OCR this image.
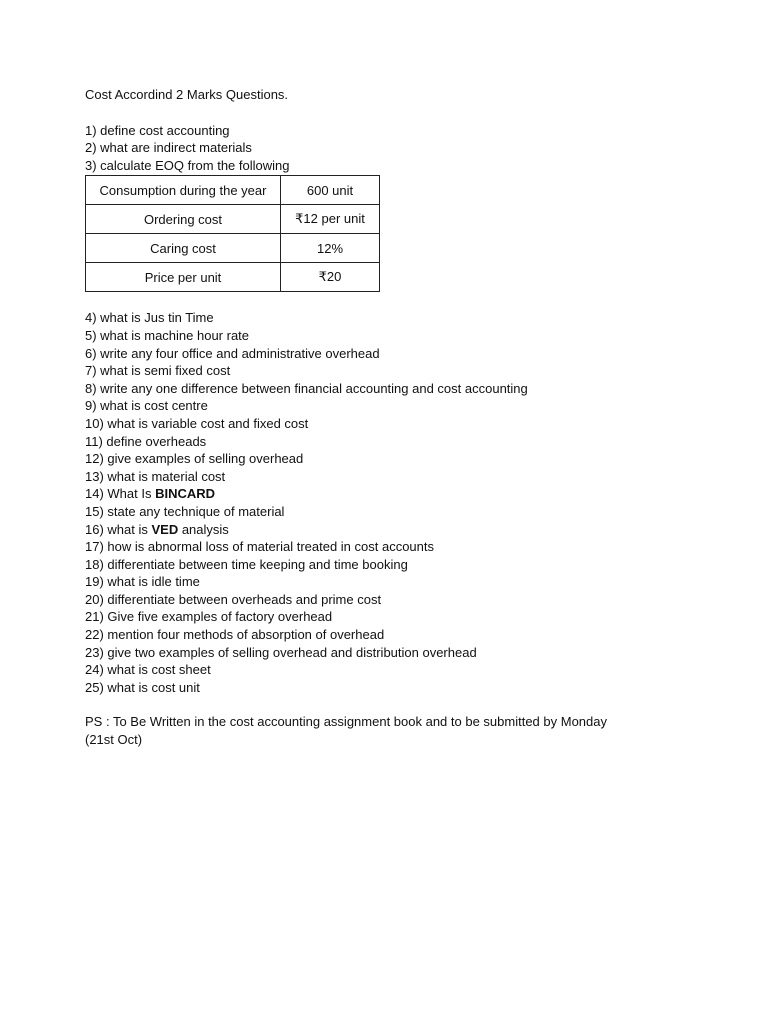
Cost Accordind 2 Marks Questions.

1) define cost accounting

2) what are indirect materials

3) calculate EOQ from the following

Consumption during the year	600 unit
Ordering cost	₹12 per unit
Caring cost	12%
Price per unit	₹20

4) what is Jus tin Time

5) what is machine hour rate

6) write any four office and administrative overhead

7) what is semi fixed cost

8) write any one difference between financial accounting and cost accounting

9) what is cost centre

10) what is variable cost and fixed cost

11) define overheads

12) give examples of selling overhead

13) what is material cost

14) What Is BINCARD

15) state any technique of material

16) what is VED analysis

17) how is abnormal loss of material treated in cost accounts

18) differentiate between time keeping and time booking

19) what is idle time

20) differentiate between overheads and prime cost

21) Give five examples of factory overhead

22) mention four methods of absorption of overhead

23) give two examples of selling overhead and distribution overhead

24) what is cost sheet

25) what is cost unit

PS : To Be Written in the cost accounting assignment book and to be submitted by Monday

(21st Oct)
